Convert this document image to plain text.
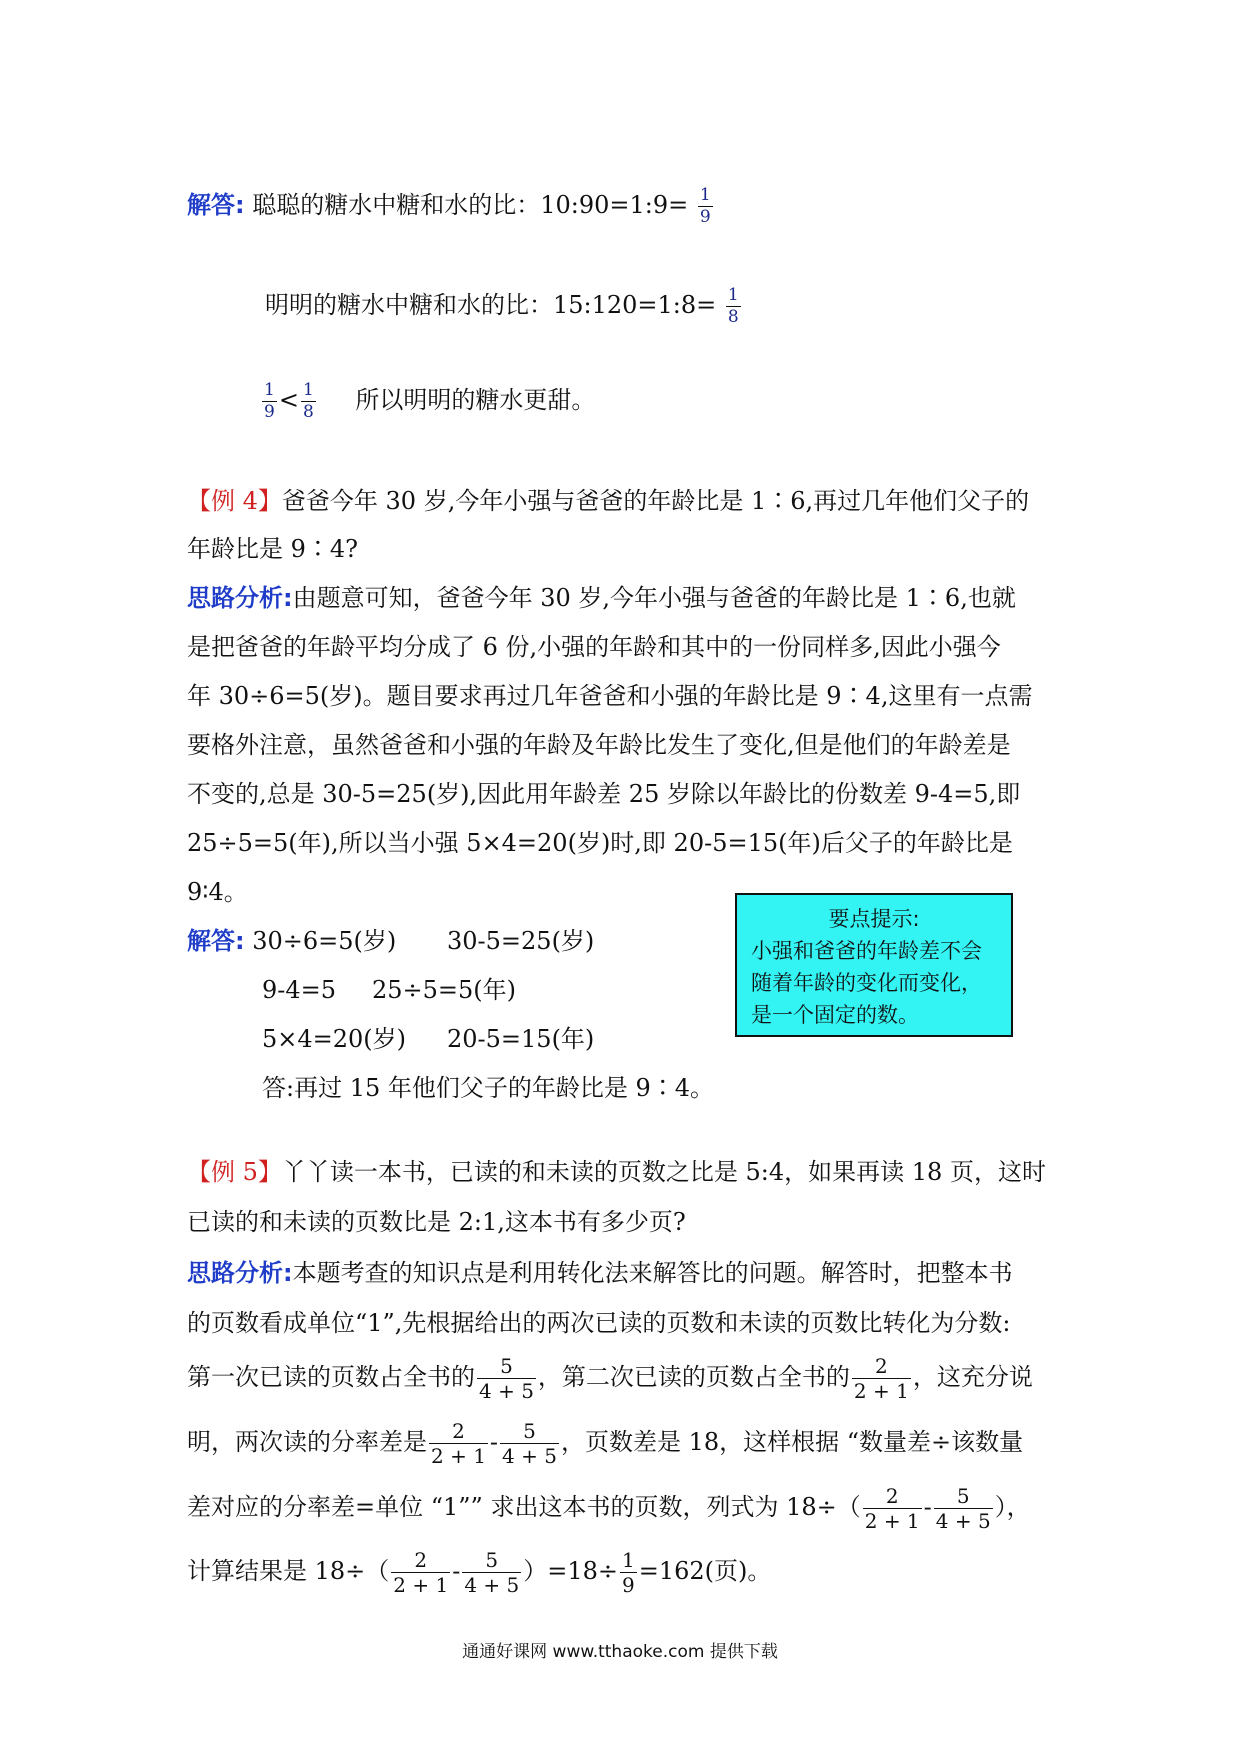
解答: 聪聪的糖水中糖和水的比：10:90=1:9= $\frac{1}{9}$
明明的糖水中糖和水的比：15:120=1:8= $\frac{1}{8}$
$\frac{1}{9} < \frac{1}{8}$ 所以明明的糖水更甜。
【例 4】爸爸今年 30 岁,今年小强与爸爸的年龄比是 1∶6,再过几年他们父子的
年龄比是 9∶4?
思路分析:由题意可知，爸爸今年 30 岁,今年小强与爸爸的年龄比是 1∶6,也就
是把爸爸的年龄平均分成了 6 份,小强的年龄和其中的一份同样多,因此小强今
年 30÷6=5(岁)。题目要求再过几年爸爸和小强的年龄比是 9∶4,这里有一点需
要格外注意，虽然爸爸和小强的年龄及年龄比发生了变化,但是他们的年龄差是
不变的,总是 30-5=25(岁),因此用年龄差 25 岁除以年龄比的份数差 9-4=5,即
25÷5=5(年),所以当小强 5×4=20(岁)时,即 20-5=15(年)后父子的年龄比是
9∶4。
解答: 30÷6=5(岁) 30-5=25(岁)
9-4=5 25÷5=5(年)
5×4=20(岁) 20-5=15(年)
答:再过 15 年他们父子的年龄比是 9∶4。
要点提示:
小强和爸爸的年龄差不会
随着年龄的变化而变化，
是一个固定的数。
【例 5】丫丫读一本书，已读的和未读的页数之比是 5:4，如果再读 18 页，这时
已读的和未读的页数比是 2:1,这本书有多少页?
思路分析:本题考查的知识点是利用转化法来解答比的问题。解答时，把整本书
的页数看成单位“1”,先根据给出的两次已读的页数和未读的页数比转化为分数:
第一次已读的页数占全书的 $\frac{5}{4 + 5}$ ，第二次已读的页数占全书的 $\frac{2}{2 + 1}$ ，这充分说
明，两次读的分率差是 $\frac{2}{2 + 1} - \frac{5}{4 + 5}$ ，页数差是 18，这样根据 “数量差÷该数量
差对应的分率差=单位 “1”” 求出这本书的页数，列式为 $18\div( \frac{2}{2 + 1} - \frac{5}{4 + 5}$ ），
计算结果是 $18\div( \frac{2}{2 + 1} - \frac{5}{4 + 5} )=18\div \frac{1}{9} =162$(页)。
通通好课网 www.tthaoke.com 提供下载
